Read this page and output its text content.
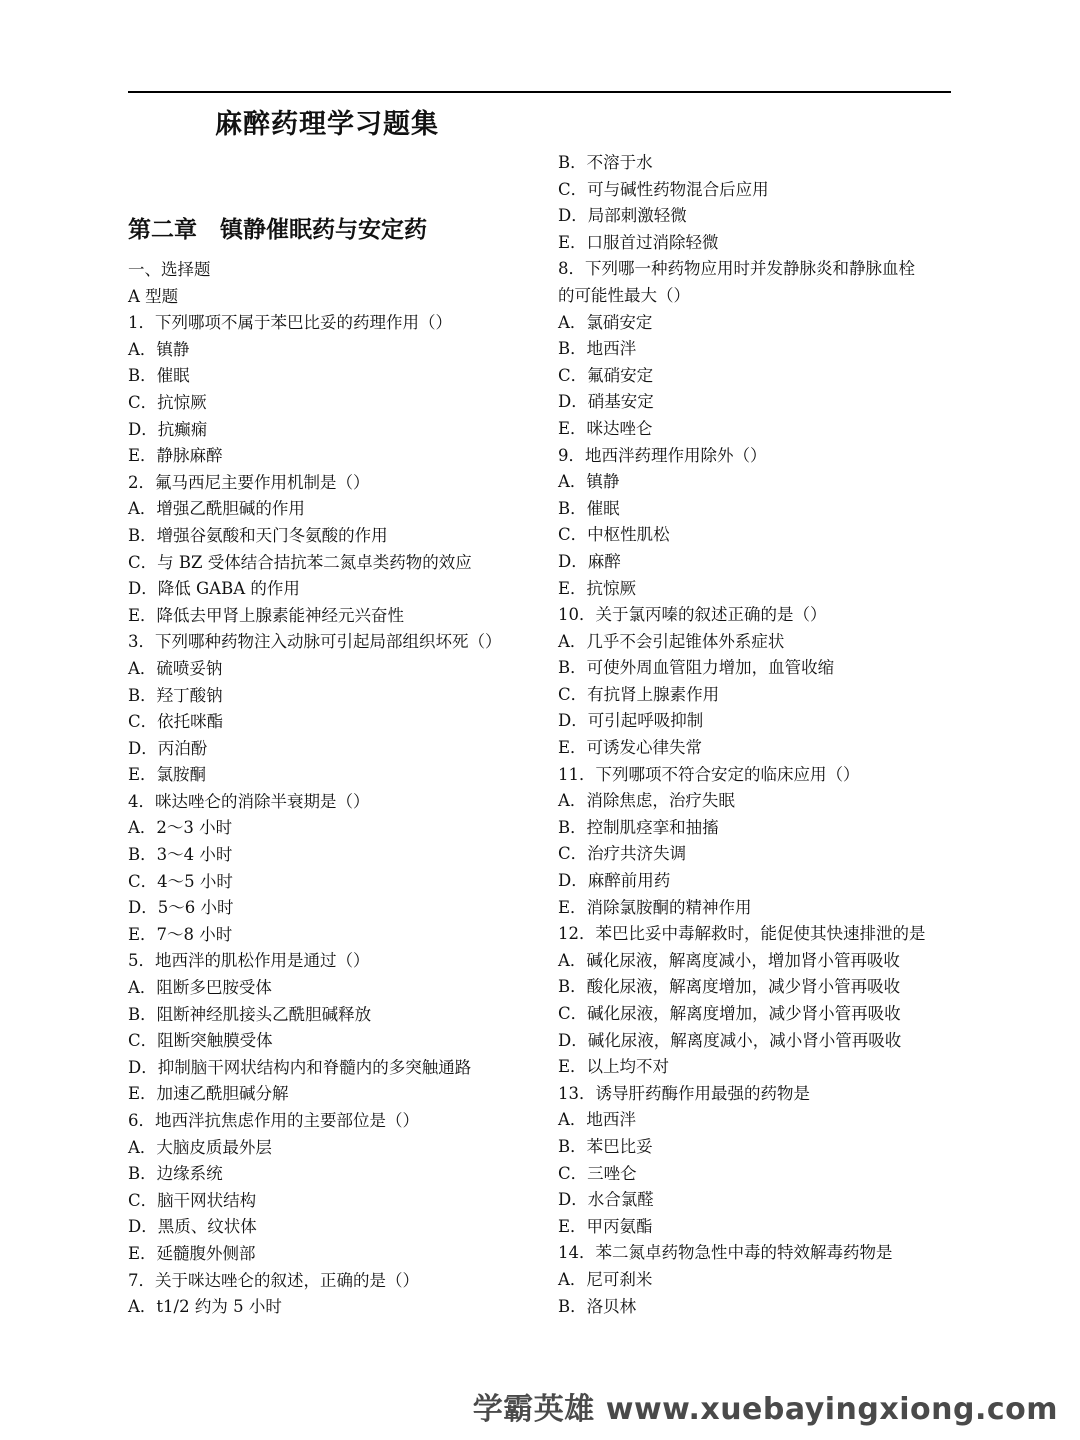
麻醉药理学习题集
第二章　镇静催眠药与安定药
一、选择题
A 型题
1．下列哪项不属于苯巴比妥的药理作用（）
A．镇静
B．催眠
C．抗惊厥
D．抗癫痫
E．静脉麻醉
2．氟马西尼主要作用机制是（）
A．增强乙酰胆碱的作用
B．增强谷氨酸和天门冬氨酸的作用
C．与 BZ 受体结合拮抗苯二氮卓类药物的效应
D．降低 GABA 的作用
E．降低去甲肾上腺素能神经元兴奋性
3．下列哪种药物注入动脉可引起局部组织坏死（）
A．硫喷妥钠
B．羟丁酸钠
C．依托咪酯
D．丙泊酚
E．氯胺酮
4．咪达唑仑的消除半衰期是（）
A．2～3 小时
B．3～4 小时
C．4～5 小时
D．5～6 小时
E．7～8 小时
5．地西泮的肌松作用是通过（）
A．阻断多巴胺受体
B．阻断神经肌接头乙酰胆碱释放
C．阻断突触膜受体
D．抑制脑干网状结构内和脊髓内的多突触通路
E．加速乙酰胆碱分解
6．地西泮抗焦虑作用的主要部位是（）
A．大脑皮质最外层
B．边缘系统
C．脑干网状结构
D．黑质、纹状体
E．延髓腹外侧部
7．关于咪达唑仑的叙述，正确的是（）
A．t1/2 约为 5 小时
B．不溶于水
C．可与碱性药物混合后应用
D．局部刺激轻微
E．口服首过消除轻微
8．下列哪一种药物应用时并发静脉炎和静脉血栓
的可能性最大（）
A．氯硝安定
B．地西泮
C．氟硝安定
D．硝基安定
E．咪达唑仑
9．地西泮药理作用除外（）
A．镇静
B．催眠
C．中枢性肌松
D．麻醉
E．抗惊厥
10．关于氯丙嗪的叙述正确的是（）
A．几乎不会引起锥体外系症状
B．可使外周血管阻力增加，血管收缩
C．有抗肾上腺素作用
D．可引起呼吸抑制
E．可诱发心律失常
11．下列哪项不符合安定的临床应用（）
A．消除焦虑，治疗失眠
B．控制肌痉挛和抽搐
C．治疗共济失调
D．麻醉前用药
E．消除氯胺酮的精神作用
12．苯巴比妥中毒解救时，能促使其快速排泄的是
A．碱化尿液，解离度减小，增加肾小管再吸收
B．酸化尿液，解离度增加，减少肾小管再吸收
C．碱化尿液，解离度增加，减少肾小管再吸收
D．碱化尿液，解离度减小，减小肾小管再吸收
E．以上均不对
13．诱导肝药酶作用最强的药物是
A．地西泮
B．苯巴比妥
C．三唑仑
D．水合氯醛
E．甲丙氨酯
14．苯二氮卓药物急性中毒的特效解毒药物是
A．尼可刹米
B．洛贝林
学霸英雄 www.xuebayingxiong.com
